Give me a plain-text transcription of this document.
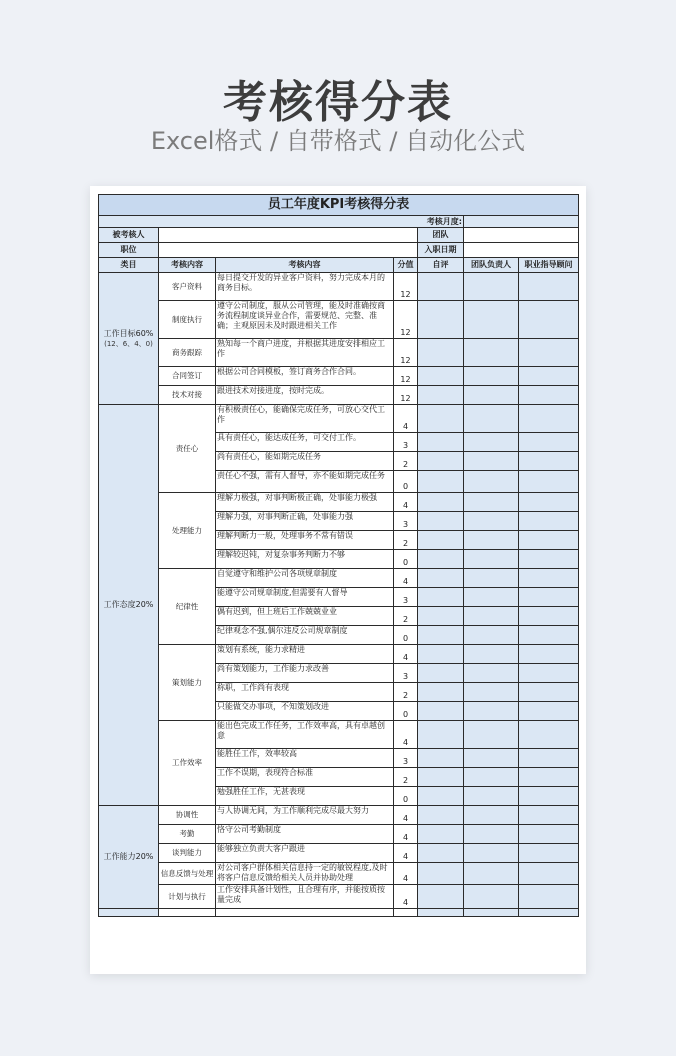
考核得分表
Excel格式 / 自带格式 / 自动化公式
员工年度KPI考核得分表						
考核月度:						
被考核人				团队		
职位				入职日期		
类目	考核内容	考核内容	分值	自评	团队负责人	职业指导顾问

工作目标60%
(12、6、4、0)	客户资料	每日提交开发的异业客户资料，努力完成本月的商务目标。	12			
	制度执行	遵守公司制度，服从公司管理，能及时准确按商务流程制度谈异业合作，需要规范、完整、准确；主观原因未及时跟进相关工作	12			
	商务跟踪	熟知每一个商户进度，并根据其进度安排相应工作	12			
	合同签订	根据公司合同模板，签订商务合作合同。	12			
	技术对接	跟进技术对接进度，按时完成。	12			

工作态度20%	责任心	有积极责任心，能确保完成任务，可放心交代工作	4			
		具有责任心，能达成任务，可交付工作。	3			
		尚有责任心，能如期完成任务	2			
		责任心不强，需有人督导，亦不能如期完成任务	0			
	处理能力	理解力极强，对事判断极正确，处事能力极强	4			
		理解力强，对事判断正确，处事能力强	3			
		理解判断力一般，处理事务不常有错误	2			
		理解较迟钝，对复杂事务判断力不够	0			
	纪律性	自觉遵守和维护公司各项规章制度	4			
		能遵守公司规章制度,但需要有人督导	3			
		偶有迟到，但上班后工作兢兢业业	2			
		纪律观念不强,偶尔违反公司规章制度	0			
	策划能力	策划有系统，能力求精进	4			
		尚有策划能力，工作能力求改善	3			
		称职，工作尚有表现	2			
		只能做交办事项，不知策划改进	0			
	工作效率	能出色完成工作任务，工作效率高，具有卓越创意	4			
		能胜任工作，效率较高	3			
		工作不误期，表现符合标准	2			
		勉强胜任工作，无甚表现	0			

工作能力20%	协调性	与人协调无间，为工作顺利完成尽最大努力	4			
	考勤	恪守公司考勤制度	4			
	谈判能力	能够独立负责大客户跟进	4			
	信息反馈与处理	对公司客户群体相关信息持一定的敏锐程度,及时将客户信息反馈给相关人员并协助处理	4			
	计划与执行	工作安排具备计划性，且合理有序，并能按质按量完成	4			
